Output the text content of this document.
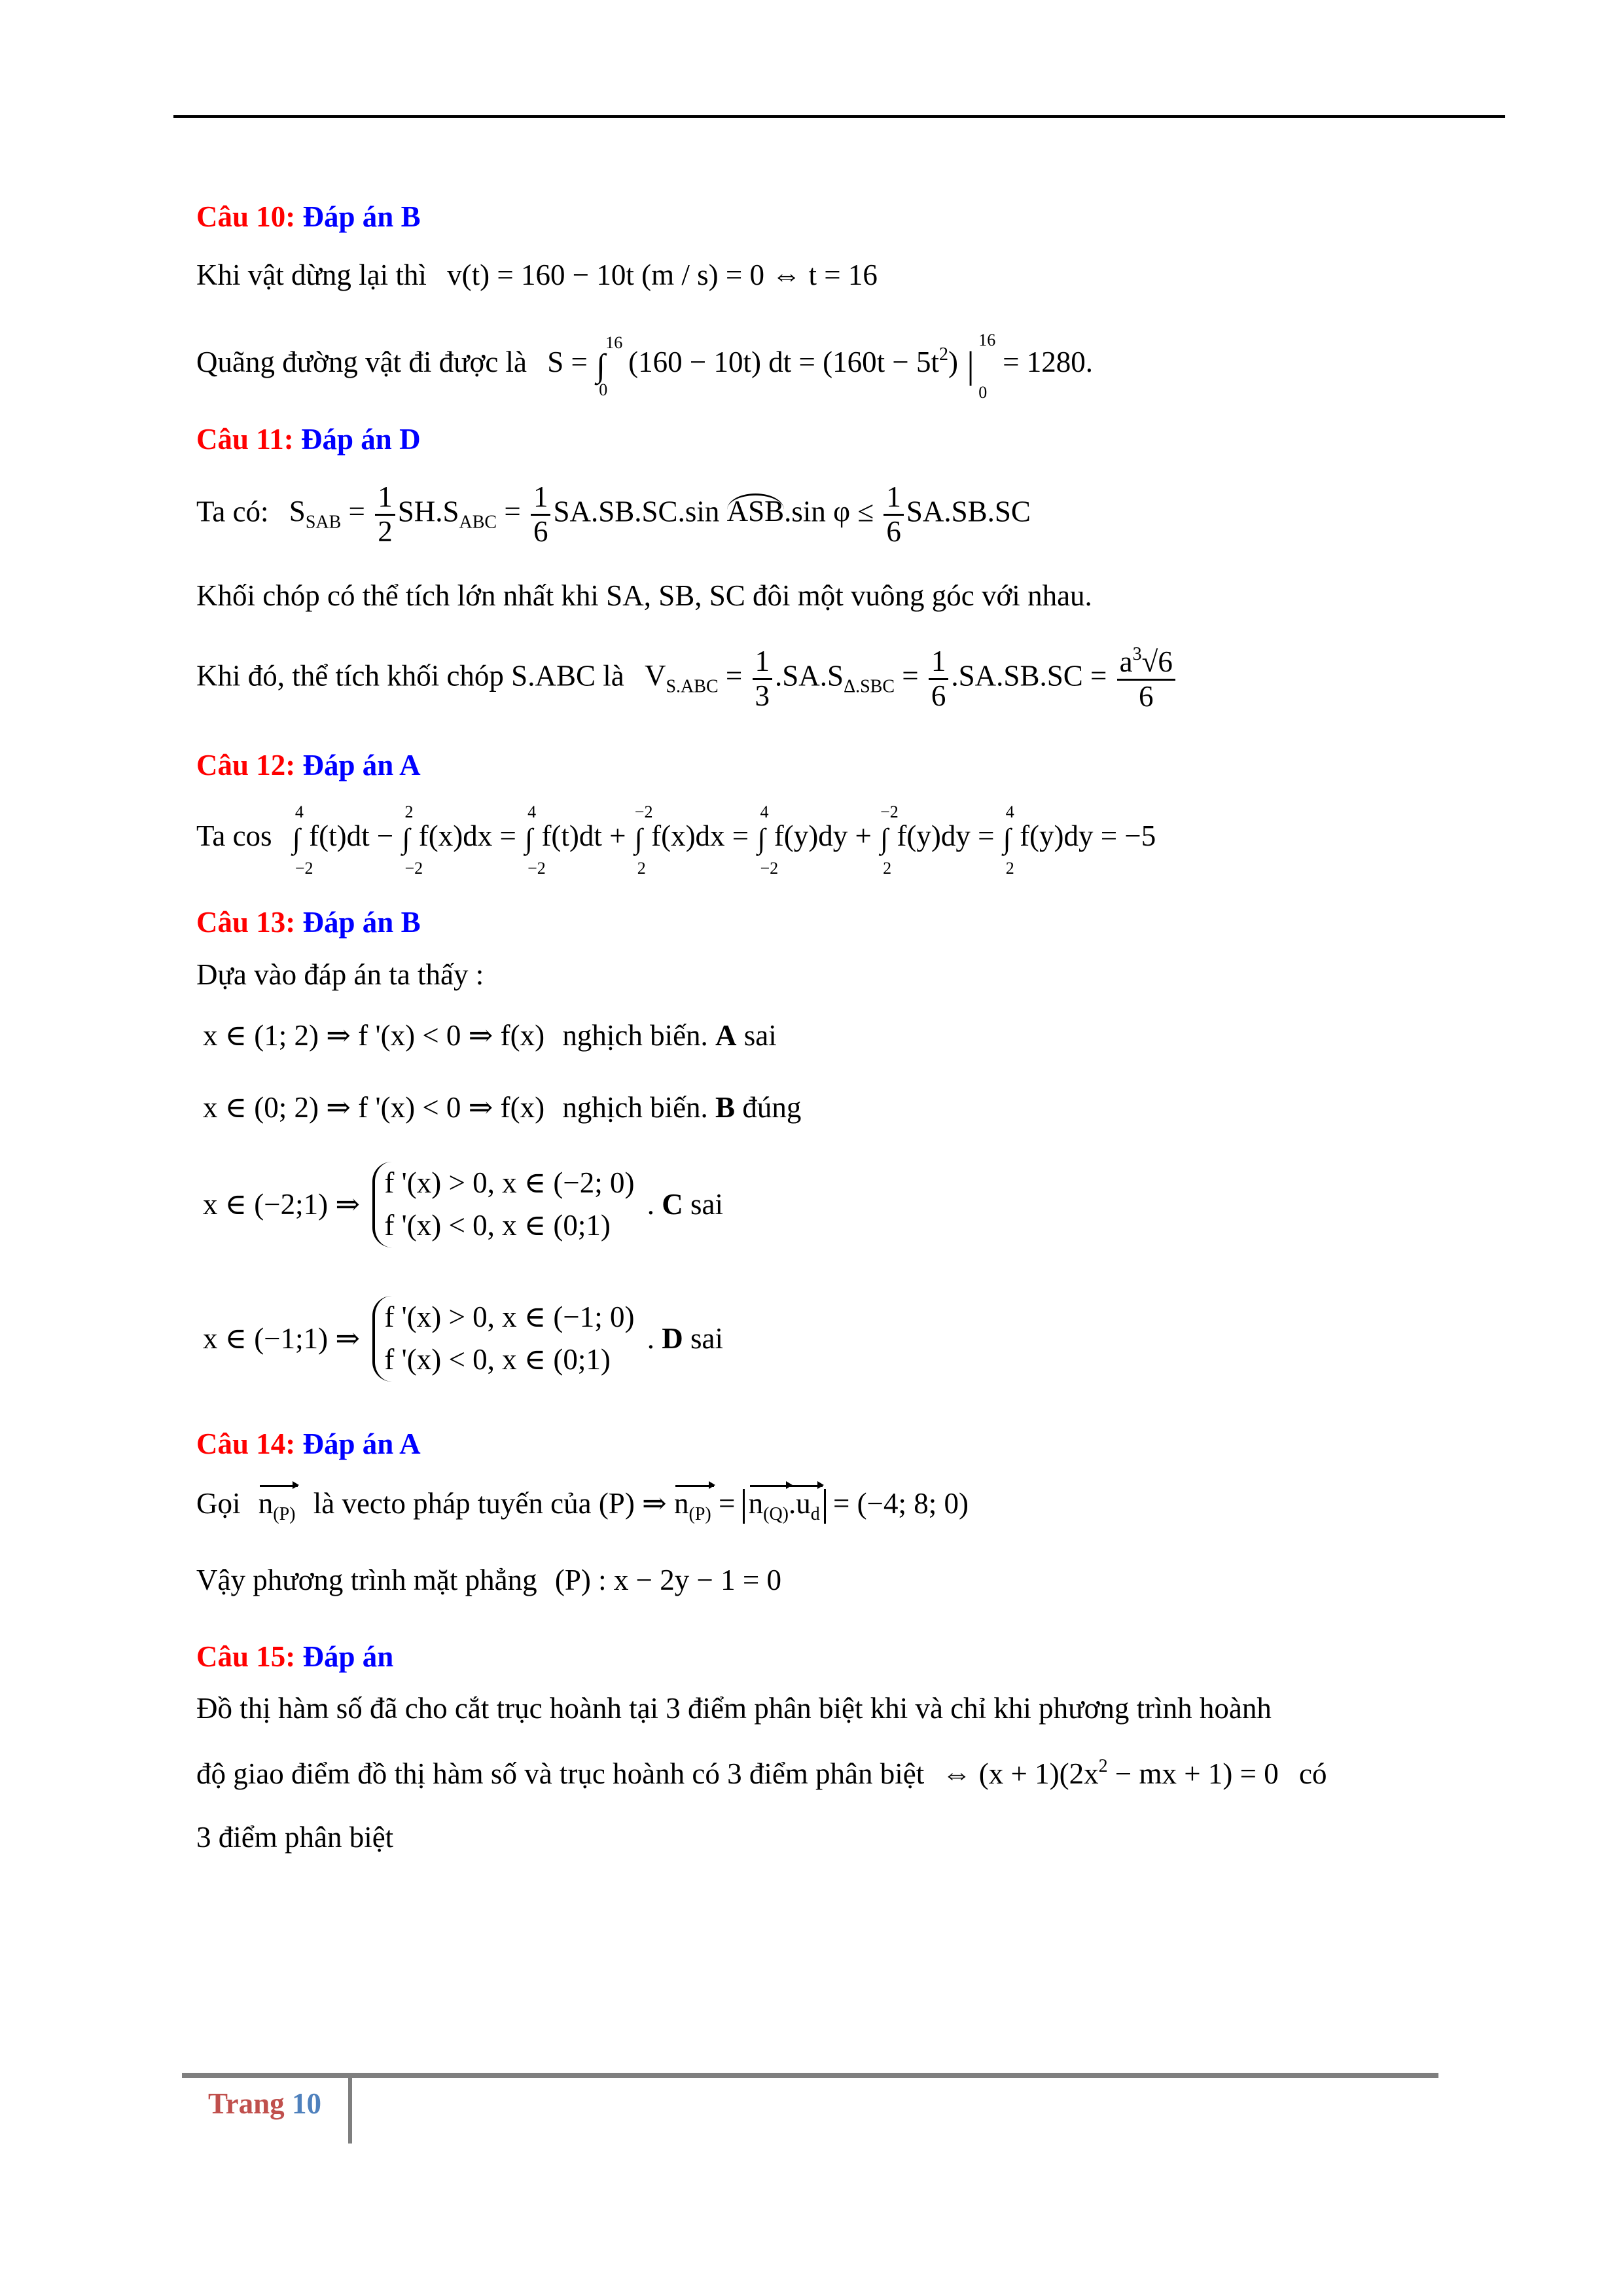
Câu 10: Đáp án B
Khi vật dừng lại thì v(t) = 160 − 10t (m / s) = 0 ⇔ t = 16
Quãng đường vật đi được là S = ∫
16
0
(160 − 10t) dt = $(160t - 5t^2)$ |
16
0
= 1280.
Câu 11: Đáp án D
Ta có: $S_{SAB} = \frac{1}{2} SH.S_{ABC} = \frac{1}{6} SA.SB.SC.\sin$ ASB.sin $\varphi \le \frac{1}{6} SA.SB.SC$
Khối chóp có thể tích lớn nhất khi SA, SB, SC đôi một vuông góc với nhau.
Khi đó, thể tích khối chóp S.ABC là $V_{S.ABC} = \frac{1}{3} .SA.S_{\Delta.SBC} = \frac{1}{6} .SA.SB.SC = \frac{a^3√6}{6}$
Câu 12: Đáp án A
Ta cos ∫
4
−2
f(t)dt − ∫
2
−2
f(x)dx = ∫
4
−2
f(t)dt + ∫
−2
2
f(x)dx = ∫
4
−2
f(y)dy + ∫
−2
2
f(y)dy = ∫
4
2
f(y)dy = −5
Câu 13: Đáp án B
Dựa vào đáp án ta thấy :
x ∈ (1; 2) ⇒ f '(x) < 0 ⇒ f(x) nghịch biến. A sai
x ∈ (0; 2) ⇒ f '(x) < 0 ⇒ f(x) nghịch biến. B đúng
x ∈ (−2;1) ⇒
f '(x) > 0, x ∈ (−2; 0)
f '(x) < 0, x ∈ (0;1)
. C sai
x ∈ (−1;1) ⇒
f '(x) > 0, x ∈ (−1; 0)
f '(x) < 0, x ∈ (0;1)
. D sai
Câu 14: Đáp án A
Gọi $n_{(P)}$ là vecto pháp tuyến của (P) ⇒ $n_{(P)} = n_{(Q)}.u_d = (-4$; 8; 0)
Vậy phương trình mặt phẳng (P) : x − 2y − 1 = 0
Câu 15: Đáp án
Đồ thị hàm số đã cho cắt trục hoành tại 3 điểm phân biệt khi và chỉ khi phương trình hoành
độ giao điểm đồ thị hàm số và trục hoành có 3 điểm phân biệt ⇔ $(x + 1)(2x^2$ − mx + 1) = 0 có
3 điểm phân biệt
Trang 10
